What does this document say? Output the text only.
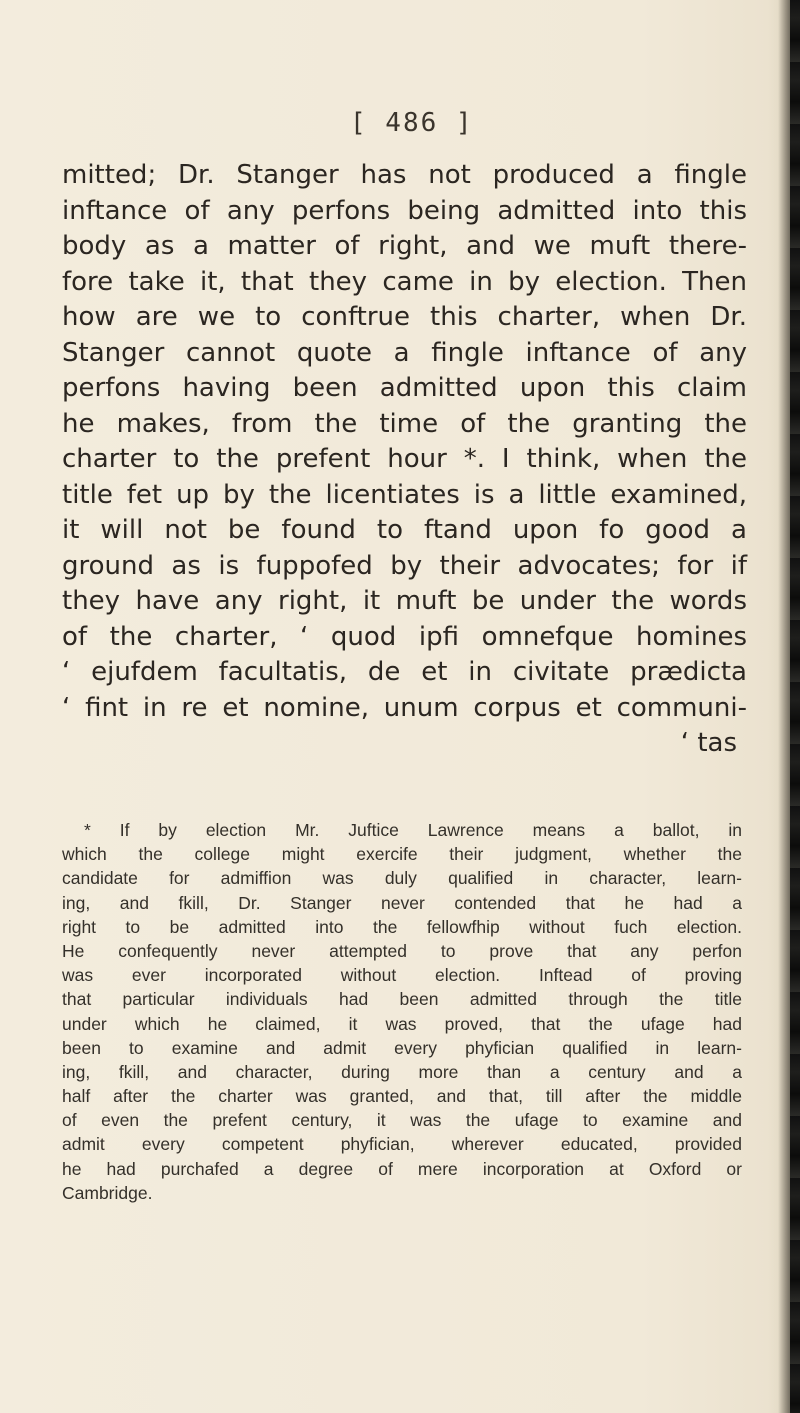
[ 486 ]
mitted; Dr. Stanger has not produced a fingle
inftance of any perfons being admitted into this
body as a matter of right, and we muft there-
fore take it, that they came in by election. Then
how are we to conftrue this charter, when Dr.
Stanger cannot quote a fingle inftance of any
perfons having been admitted upon this claim
he makes, from the time of the granting the
charter to the prefent hour *. I think, when the
title fet up by the licentiates is a little examined,
it will not be found to ftand upon fo good a
ground as is fuppofed by their advocates; for if
they have any right, it muft be under the words
of the charter, ‘ quod ipfi omnefque homines
‘ ejufdem facultatis, de et in civitate prædicta
‘ fint in re et nomine, unum corpus et communi-
‘ tas
* If by election Mr. Juftice Lawrence means a ballot, in
which the college might exercife their judgment, whether the
candidate for admiffion was duly qualified in character, learn-
ing, and fkill, Dr. Stanger never contended that he had a
right to be admitted into the fellowfhip without fuch election.
He confequently never attempted to prove that any perfon
was ever incorporated without election. Inftead of proving
that particular individuals had been admitted through the title
under which he claimed, it was proved, that the ufage had
been to examine and admit every phyfician qualified in learn-
ing, fkill, and character, during more than a century and a
half after the charter was granted, and that, till after the middle
of even the prefent century, it was the ufage to examine and
admit every competent phyfician, wherever educated, provided
he had purchafed a degree of mere incorporation at Oxford or
Cambridge.
